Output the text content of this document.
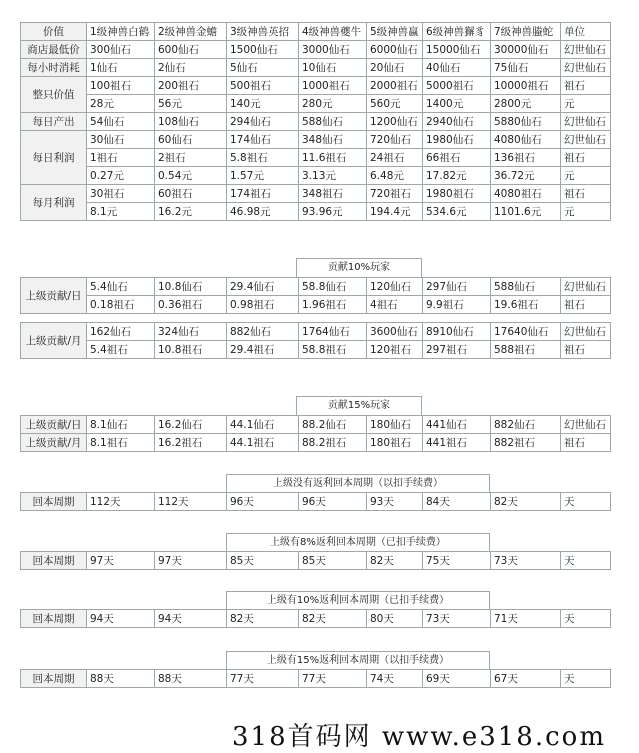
价值	1级神兽白鹤	2级神兽金蟾	3级神兽英招	4级神兽夔牛	5级神兽蠃	6级神兽獬豸	7级神兽螣蛇	单位
商店最低价	300仙石	600仙石	1500仙石	3000仙石	6000仙石	15000仙石	30000仙石	幻世仙石
每小时消耗	1仙石	2仙石	5仙石	10仙石	20仙石	40仙石	75仙石	幻世仙石
整只价值	100祖石	200祖石	500祖石	1000祖石	2000祖石	5000祖石	10000祖石	祖石
	28元	56元	140元	280元	560元	1400元	2800元	元
每日产出	54仙石	108仙石	294仙石	588仙石	1200仙石	2940仙石	5880仙石	幻世仙石
每日利润	30仙石	60仙石	174仙石	348仙石	720仙石	1980仙石	4080仙石	幻世仙石
	1祖石	2祖石	5.8祖石	11.6祖石	24祖石	66祖石	136祖石	祖石
	0.27元	0.54元	1.57元	3.13元	6.48元	17.82元	36.72元	元
每月利润	30祖石	60祖石	174祖石	348祖石	720祖石	1980祖石	4080祖石	祖石
	8.1元	16.2元	46.98元	93.96元	194.4元	534.6元	1101.6元	元
贡献10%玩家
上级贡献/日	5.4仙石	10.8仙石	29.4仙石	58.8仙石	120仙石	297仙石	588仙石	幻世仙石
	0.18祖石	0.36祖石	0.98祖石	1.96祖石	4祖石	9.9祖石	19.6祖石	祖石

上级贡献/月	162仙石	324仙石	882仙石	1764仙石	3600仙石	8910仙石	17640仙石	幻世仙石
	5.4祖石	10.8祖石	29.4祖石	58.8祖石	120祖石	297祖石	588祖石	祖石
贡献15%玩家
上级贡献/日	8.1仙石	16.2仙石	44.1仙石	88.2仙石	180仙石	441仙石	882仙石	幻世仙石
上级贡献/月	8.1祖石	16.2祖石	44.1祖石	88.2祖石	180祖石	441祖石	882祖石	祖石
上级没有返利回本周期（以扣手续费）
回本周期	112天	112天	96天	96天	93天	84天	82天	天
上级有8%返利回本周期（已扣手续费）
回本周期	97天	97天	85天	85天	82天	75天	73天	天
上级有10%返利回本周期（已扣手续费）
回本周期	94天	94天	82天	82天	80天	73天	71天	天
上级有15%返利回本周期（以扣手续费）
回本周期	88天	88天	77天	77天	74天	69天	67天	天
318首码网 www.e318.com
